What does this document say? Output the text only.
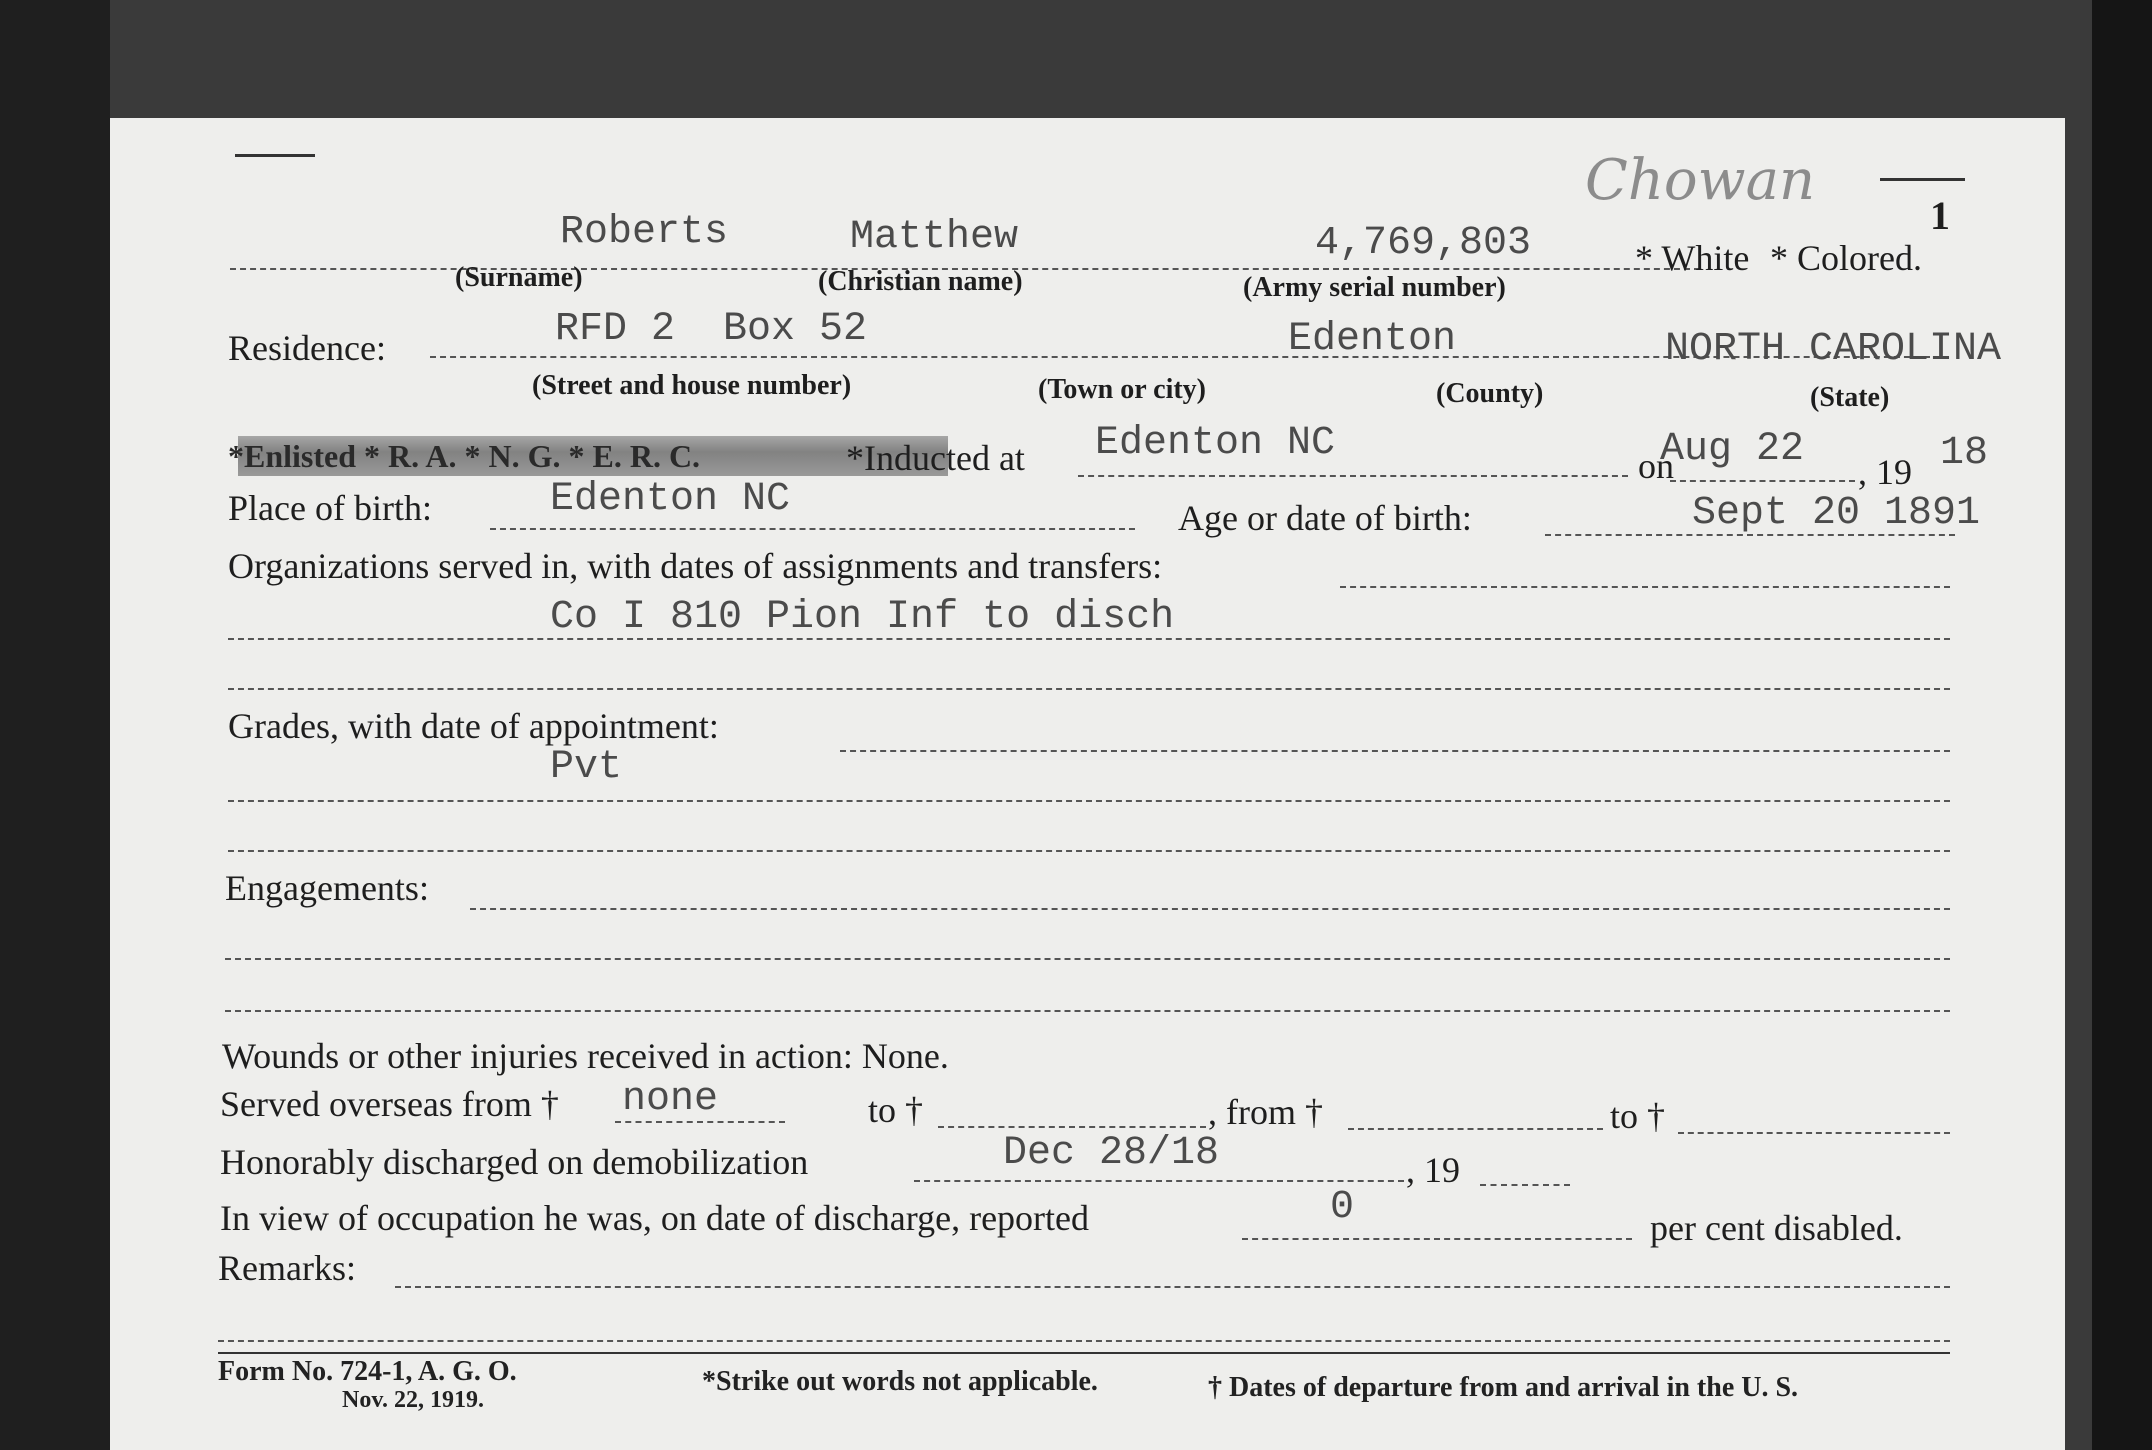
Chowan
1
Roberts	Matthew	4,769,803	* White * Colored.
(Surname)	(Christian name)	(Army serial number)
Residence:	RFD 2  Box 52	Edenton	NORTH CAROLINA
(Street and house number)	(Town or city)	(County)	(State)
*Enlisted * R. A. * N. G. * E. R. C.	*Inducted at Edenton NC	on
Aug 22 , 19 18
Place of birth:	Edenton NC	Age or date of birth:	Sept 20 1891
Organizations served in, with dates of assignments and transfers:
Co I 810 Pion Inf to disch
Grades, with date of appointment:
Pvt
Engagements:
Wounds or other injuries received in action: None.
Served overseas from † none	to †	, from †	to †
Honorably discharged on demobilization	Dec 28/18	, 19
In view of occupation he was, on date of discharge, reported	0	per cent disabled.
Remarks:
Form No. 724-1, A. G. O.
Nov. 22, 1919.
*Strike out words not applicable.	† Dates of departure from and arrival in the U. S.
